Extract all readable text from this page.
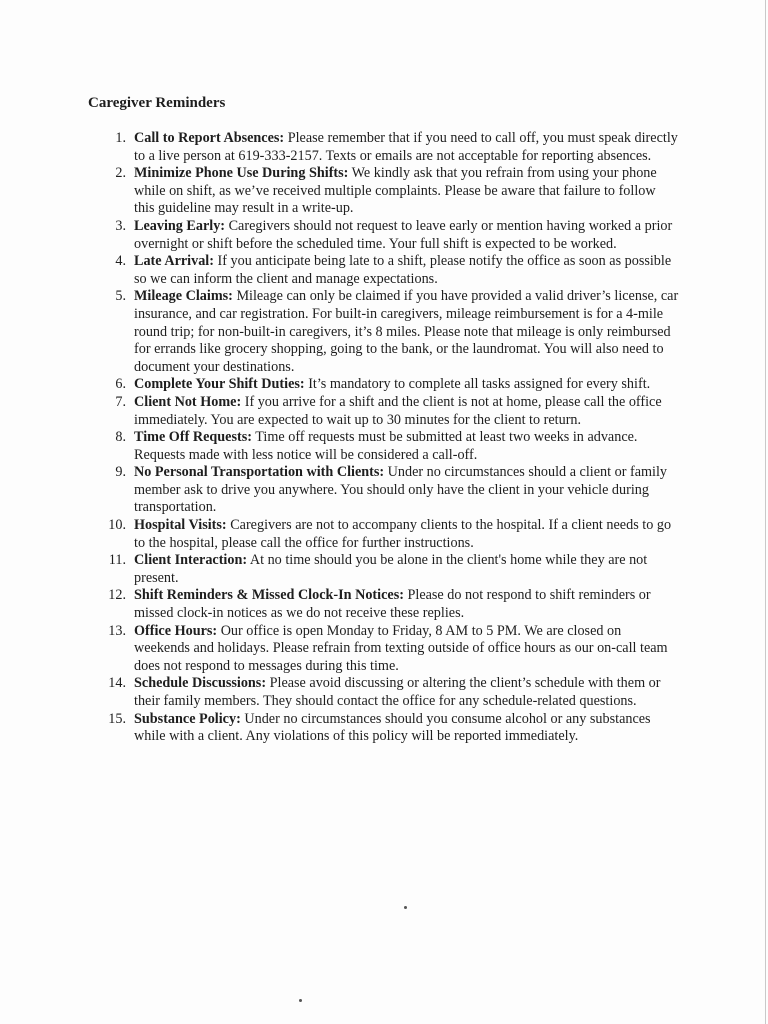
Caregiver Reminders
1. Call to Report Absences: Please remember that if you need to call off, you must speak directly to a live person at 619-333-2157. Texts or emails are not acceptable for reporting absences.
2. Minimize Phone Use During Shifts: We kindly ask that you refrain from using your phone while on shift, as we’ve received multiple complaints. Please be aware that failure to follow this guideline may result in a write-up.
3. Leaving Early: Caregivers should not request to leave early or mention having worked a prior overnight or shift before the scheduled time. Your full shift is expected to be worked.
4. Late Arrival: If you anticipate being late to a shift, please notify the office as soon as possible so we can inform the client and manage expectations.
5. Mileage Claims: Mileage can only be claimed if you have provided a valid driver’s license, car insurance, and car registration. For built-in caregivers, mileage reimbursement is for a 4-mile round trip; for non-built-in caregivers, it’s 8 miles. Please note that mileage is only reimbursed for errands like grocery shopping, going to the bank, or the laundromat. You will also need to document your destinations.
6. Complete Your Shift Duties: It’s mandatory to complete all tasks assigned for every shift.
7. Client Not Home: If you arrive for a shift and the client is not at home, please call the office immediately. You are expected to wait up to 30 minutes for the client to return.
8. Time Off Requests: Time off requests must be submitted at least two weeks in advance. Requests made with less notice will be considered a call-off.
9. No Personal Transportation with Clients: Under no circumstances should a client or family member ask to drive you anywhere. You should only have the client in your vehicle during transportation.
10. Hospital Visits: Caregivers are not to accompany clients to the hospital. If a client needs to go to the hospital, please call the office for further instructions.
11. Client Interaction: At no time should you be alone in the client's home while they are not present.
12. Shift Reminders & Missed Clock-In Notices: Please do not respond to shift reminders or missed clock-in notices as we do not receive these replies.
13. Office Hours: Our office is open Monday to Friday, 8 AM to 5 PM. We are closed on weekends and holidays. Please refrain from texting outside of office hours as our on-call team does not respond to messages during this time.
14. Schedule Discussions: Please avoid discussing or altering the client’s schedule with them or their family members. They should contact the office for any schedule-related questions.
15. Substance Policy: Under no circumstances should you consume alcohol or any substances while with a client. Any violations of this policy will be reported immediately.
